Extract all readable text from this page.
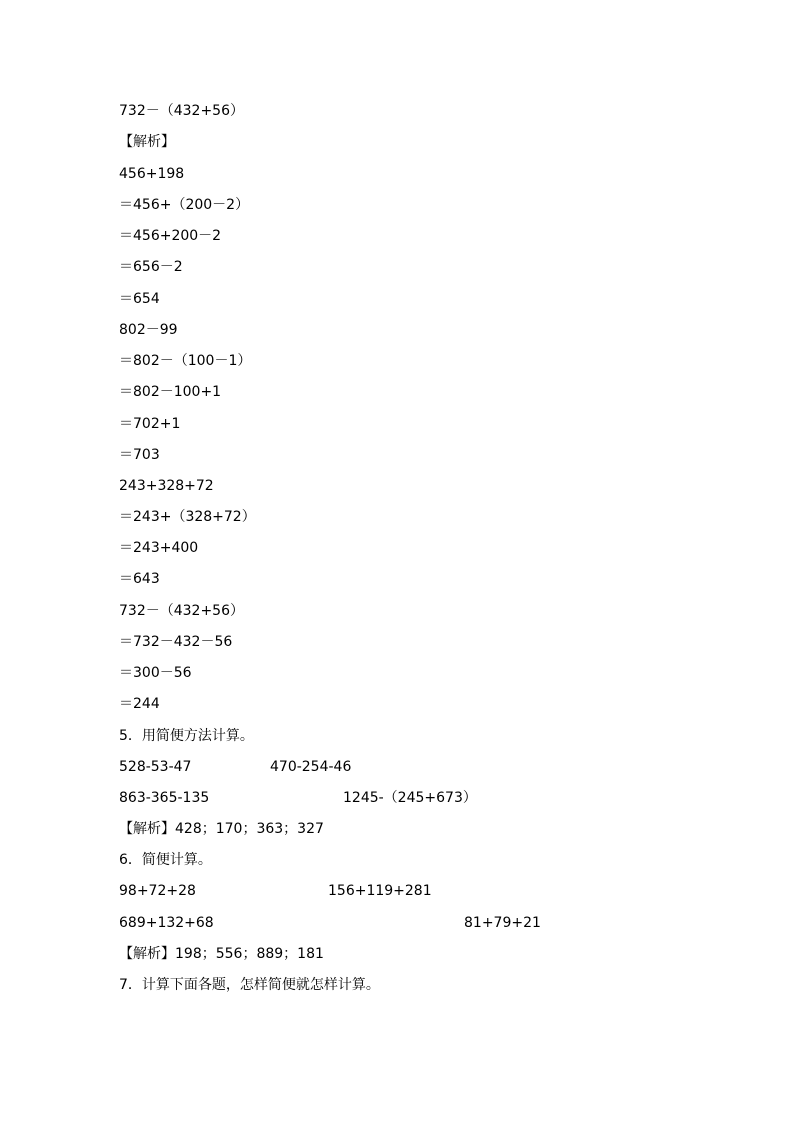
732－（432+56）
【解析】
456+198
＝456+（200－2）
＝456+200－2
＝656－2
＝654
802－99
＝802－（100－1）
＝802－100+1
＝702+1
＝703
243+328+72
＝243+（328+72）
＝243+400
＝643
732－（432+56）
＝732－432－56
＝300－56
＝244
5．用简便方法计算。
528-53-47	470-254-46
863-365-135	1245-（245+673）
【解析】428；170；363；327
6．简便计算。
98+72+28	156+119+281
689+132+68	81+79+21
【解析】198；556；889；181
7．计算下面各题，怎样简便就怎样计算。
